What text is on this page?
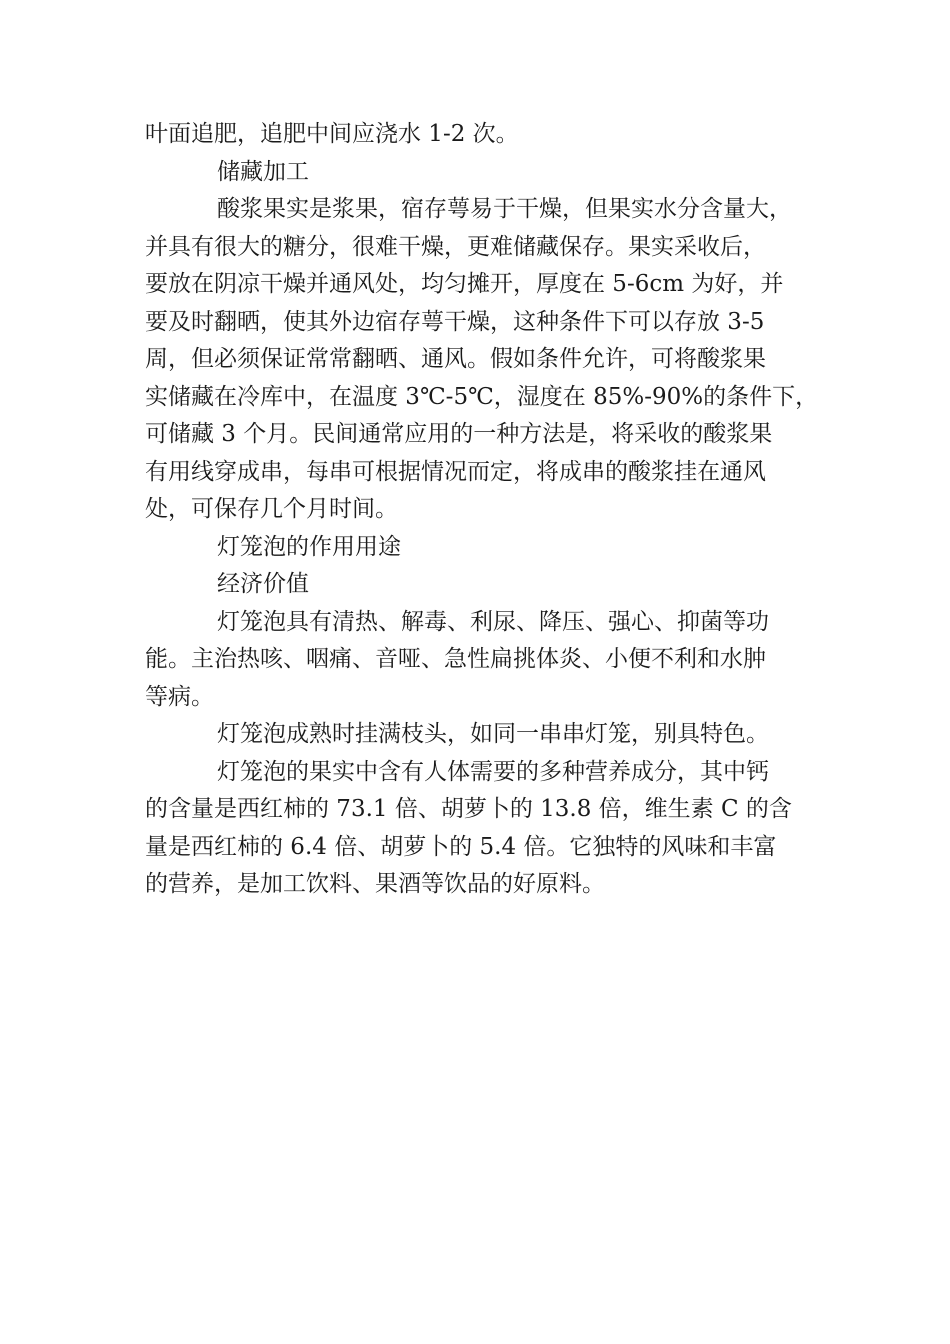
叶面追肥，追肥中间应浇水 1-2 次。
储藏加工
酸浆果实是浆果，宿存萼易于干燥，但果实水分含量大，
并具有很大的糖分，很难干燥，更难储藏保存。果实采收后，
要放在阴凉干燥并通风处，均匀摊开，厚度在 5-6cm 为好，并
要及时翻晒，使其外边宿存萼干燥，这种条件下可以存放 3-5
周，但必须保证常常翻晒、通风。假如条件允许，可将酸浆果
实储藏在冷库中，在温度 3℃-5℃，湿度在 85%-90%的条件下，
可储藏 3 个月。民间通常应用的一种方法是，将采收的酸浆果
有用线穿成串，每串可根据情况而定，将成串的酸浆挂在通风
处，可保存几个月时间。
灯笼泡的作用用途
经济价值
灯笼泡具有清热、解毒、利尿、降压、强心、抑菌等功
能。主治热咳、咽痛、音哑、急性扁挑体炎、小便不利和水肿
等病。
灯笼泡成熟时挂满枝头，如同一串串灯笼，别具特色。
灯笼泡的果实中含有人体需要的多种营养成分，其中钙
的含量是西红柿的 73.1 倍、胡萝卜的 13.8 倍，维生素 C 的含
量是西红柿的 6.4 倍、胡萝卜的 5.4 倍。它独特的风味和丰富
的营养，是加工饮料、果酒等饮品的好原料。
